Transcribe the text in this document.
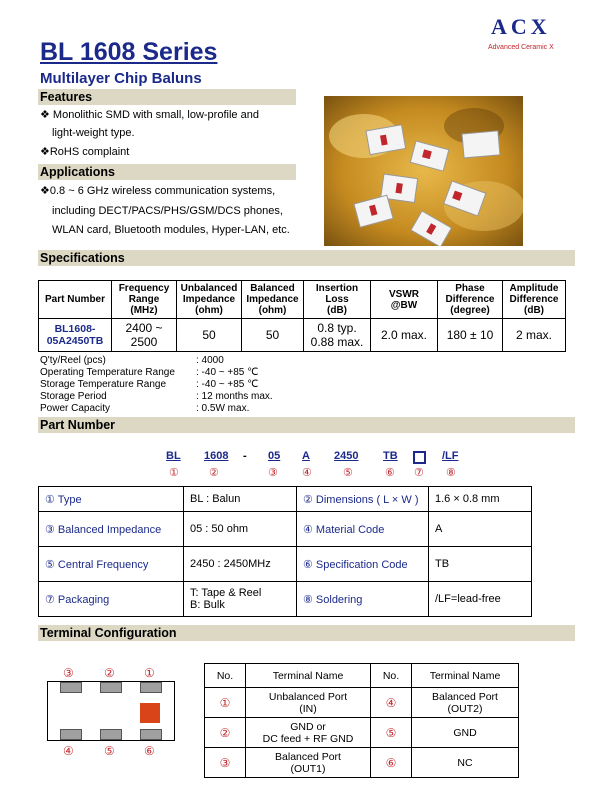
ACX
Advanced Ceramic X
BL 1608 Series
Multilayer Chip Baluns
Features
❖ Monolithic SMD with small, low-profile and
light-weight type.
❖RoHS complaint
Applications
❖0.8 ~ 6 GHz wireless communication systems,
including DECT/PACS/PHS/GSM/DCS phones,
WLAN card, Bluetooth modules, Hyper-LAN, etc.
Specifications
Part Number	Frequency
Range
(MHz)	Unbalanced
Impedance
(ohm)	Balanced
Impedance
(ohm)	Insertion
Loss
(dB)	VSWR
@BW	Phase
Difference
(degree)	Amplitude
Difference
(dB)
BL1608-
05A2450TB	2400 ~
2500	50	50	0.8 typ.
0.88 max.	2.0 max.	180 ± 10	2 max.
Q'ty/Reel (pcs)	: 4000
Operating Temperature Range : -40 ~ +85 ℃
Storage Temperature Range	: -40 ~ +85 ℃
Storage Period	: 12 months max.
Power Capacity	: 0.5W max.
Part Number
BL 1608 - 05 A 2450 TB	/LF
①	②	③ ④	⑤	⑥ ⑦ ⑧
① Type	BL : Balun	② Dimensions ( L × W )	1.6 × 0.8 mm
③ Balanced Impedance	05 : 50 ohm	④ Material Code	A
⑤ Central Frequency	2450 : 2450MHz	⑥ Specification Code	TB
⑦ Packaging	T: Tape & Reel
B: Bulk	⑧ Soldering	/LF=lead-free
Terminal Configuration
③	② ①
④	⑤ ⑥
No.	Terminal Name	No.	Terminal Name
①	Unbalanced Port
(IN)	④	Balanced Port
(OUT2)
②	GND or
DC feed + RF GND	⑤	GND
③	Balanced Port
(OUT1)	⑥	NC
